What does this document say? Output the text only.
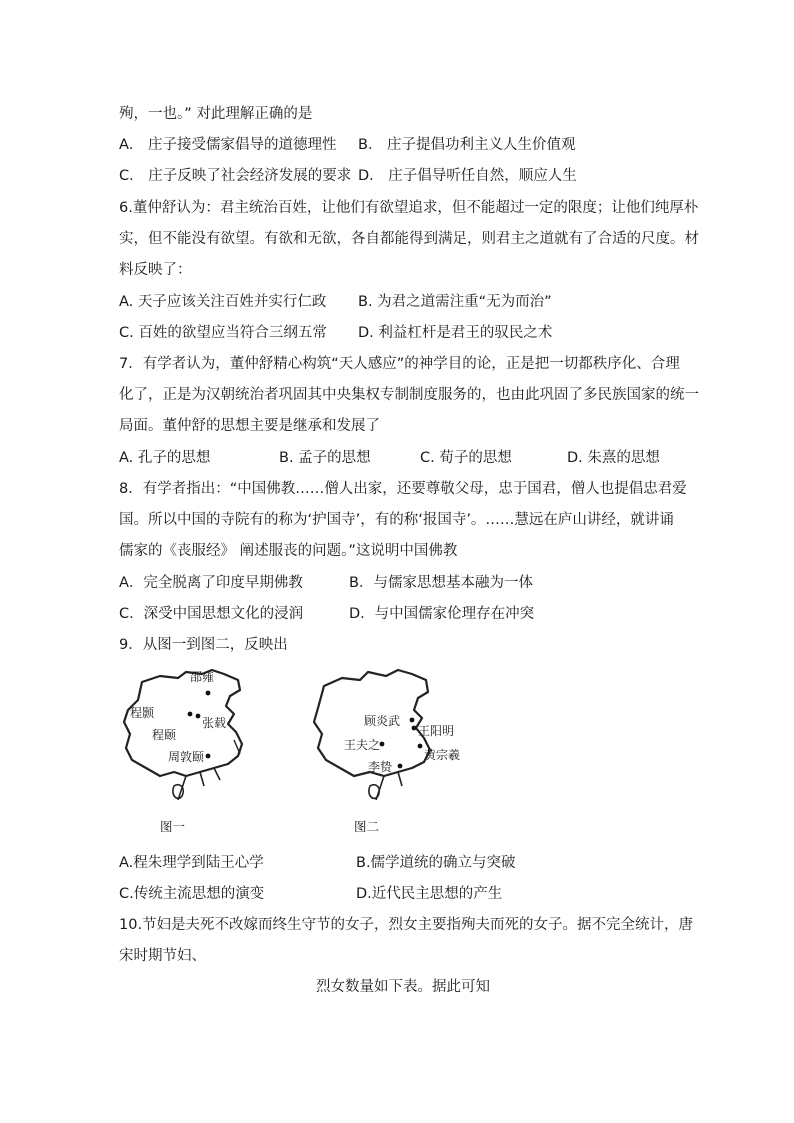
殉，一也。” 对此理解正确的是
A． 庄子接受儒家倡导的道德理性 B． 庄子提倡功利主义人生价值观
C． 庄子反映了社会经济发展的要求 D． 庄子倡导听任自然，顺应人生
6.董仲舒认为：君主统治百姓，让他们有欲望追求，但不能超过一定的限度；让他们纯厚朴
实，但不能没有欲望。有欲和无欲，各自都能得到满足，则君主之道就有了合适的尺度。材
料反映了：
A. 天子应该关注百姓并实行仁政 B. 为君之道需注重“无为而治”
C. 百姓的欲望应当符合三纲五常 D. 利益杠杆是君王的驭民之术
7．有学者认为，董仲舒精心构筑“天人感应”的神学目的论，正是把一切都秩序化、合理
化了，正是为汉朝统治者巩固其中央集权专制制度服务的，也由此巩固了多民族国家的统一
局面。董仲舒的思想主要是继承和发展了
A. 孔子的思想	B. 孟子的思想	C. 荀子的思想	D. 朱熹的思想
8．有学者指出：“中国佛教……僧人出家，还要尊敬父母，忠于国君，僧人也提倡忠君爱
国。所以中国的寺院有的称为‘护国寺’，有的称‘报国寺’。……慧远在庐山讲经，就讲诵
儒家的《丧服经》 阐述服丧的问题。”这说明中国佛教
A．完全脱离了印度早期佛教	B．与儒家思想基本融为一体
C．深受中国思想文化的浸润	D．与中国儒家伦理存在冲突
9．从图一到图二，反映出
邵雍
程颢
张载
程颐
周敦颐
图一
顾炎武
王阳明
王夫之
黄宗羲
李贽
图二
A.程朱理学到陆王心学	B.儒学道统的确立与突破
C.传统主流思想的演变	D.近代民主思想的产生
10.节妇是夫死不改嫁而终生守节的女子，烈女主要指殉夫而死的女子。据不完全统计，唐
宋时期节妇、
烈女数量如下表。据此可知
